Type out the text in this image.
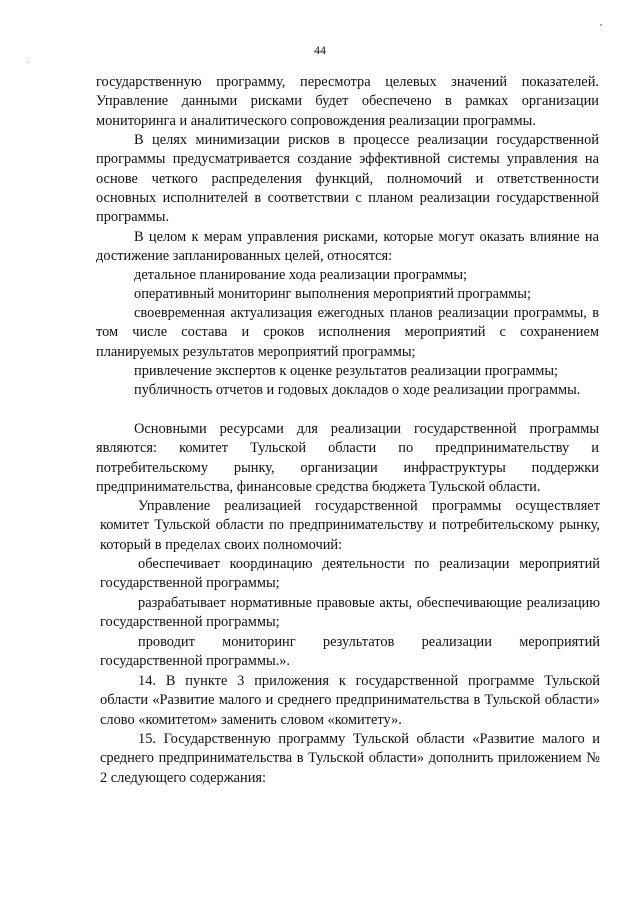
44

государственную программу, пересмотра целевых значений показателей. Управление данными рисками будет обеспечено в рамках организации мониторинга и аналитического сопровождения реализации программы.

В целях минимизации рисков в процессе реализации государственной программы предусматривается создание эффективной системы управления на основе четкого распределения функций, полномочий и ответственности основных исполнителей в соответствии с планом реализации государственной программы.

В целом к мерам управления рисками, которые могут оказать влияние на достижение запланированных целей, относятся:

детальное планирование хода реализации программы;

оперативный мониторинг выполнения мероприятий программы;

своевременная актуализация ежегодных планов реализации программы, в том числе состава и сроков исполнения мероприятий с сохранением планируемых результатов мероприятий программы;

привлечение экспертов к оценке результатов реализации программы;

публичность отчетов и годовых докладов о ходе реализации программы.

Основными ресурсами для реализации государственной программы являются: комитет Тульской области по предпринимательству и потребительскому рынку, организации инфраструктуры поддержки предпринимательства, финансовые средства бюджета Тульской области.

Управление реализацией государственной программы осуществляет комитет Тульской области по предпринимательству и потребительскому рынку, который в пределах своих полномочий:

обеспечивает координацию деятельности по реализации мероприятий государственной программы;

разрабатывает нормативные правовые акты, обеспечивающие реализацию государственной программы;

проводит мониторинг результатов реализации мероприятий государственной программы.».

14. В пункте 3 приложения к государственной программе Тульской области «Развитие малого и среднего предпринимательства в Тульской области» слово «комитетом» заменить словом «комитету».

15. Государственную программу Тульской области «Развитие малого и среднего предпринимательства в Тульской области» дополнить приложением № 2 следующего содержания:
